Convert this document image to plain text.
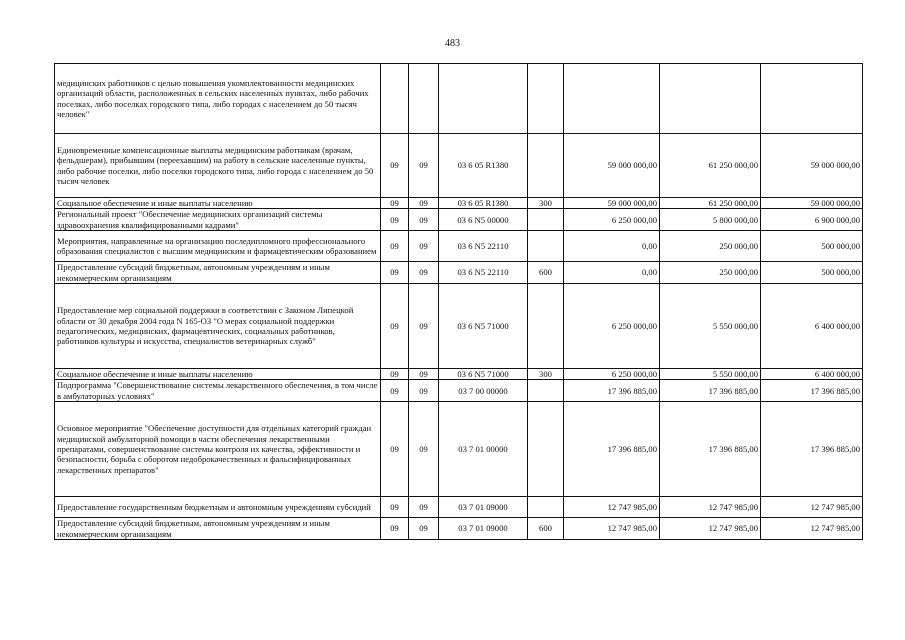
483
медицинских работников с целью повышения укомплектованности медицинских организаций области, расположенных в сельских населенных пунктах, либо рабочих поселках, либо поселках городского типа, либо городах с населением до 50 тысяч человек"							
Единовременные компенсационные выплаты медицинским работникам (врачам, фельдшерам), прибывшим (переехавшим) на работу в сельские населенные пункты, либо рабочие поселки, либо поселки городского типа, либо города с населением до 50 тысяч человек	09	09	03 6 05 R1380		59 000 000,00	61 250 000,00	59 000 000,00
Социальное обеспечение и иные выплаты населению	09	09	03 6 05 R1380	300	59 000 000,00	61 250 000,00	59 000 000,00
Региональный проект "Обеспечение медицинских организаций системы здравоохранения квалифицированными кадрами"	09	09	03 6 N5 00000		6 250 000,00	5 800 000,00	6 900 000,00
Мероприятия, направленные на организацию последипломного профессионального образования специалистов с высшим медицинским и фармацевтическим образованием	09	09	03 6 N5 22110		0,00	250 000,00	500 000,00
Предоставление субсидий бюджетным, автономным учреждениям и иным некоммерческим организациям	09	09	03 6 N5 22110	600	0,00	250 000,00	500 000,00
Предоставление мер социальной поддержки в соответствии с Законом Липецкой области от 30 декабря 2004 года N 165-ОЗ "О мерах социальной поддержки педагогических, медицинских, фармацевтических, социальных работников, работников культуры и искусства, специалистов ветеринарных служб"	09	09	03 6 N5 71000		6 250 000,00	5 550 000,00	6 400 000,00
Социальное обеспечение и иные выплаты населению	09	09	03 6 N5 71000	300	6 250 000,00	5 550 000,00	6 400 000,00
Подпрограмма "Совершенствование системы лекарственного обеспечения, в том числе в амбулаторных условиях"	09	09	03 7 00 00000		17 396 885,00	17 396 885,00	17 396 885,00
Основное мероприятие "Обеспечение доступности для отдельных категорий граждан медицинской амбулаторной помощи в части обеспечения лекарственными препаратами, совершенствование системы контроля их качества, эффективности и безопасности, борьба с оборотом недоброкачественных и фальсифицированных лекарственных препаратов"	09	09	03 7 01 00000		17 396 885,00	17 396 885,00	17 396 885,00
Предоставление государственным бюджетным и автономным учреждениям субсидий	09	09	03 7 01 09000		12 747 985,00	12 747 985,00	12 747 985,00
Предоставление субсидий бюджетным, автономным учреждениям и иным некоммерческим организациям	09	09	03 7 01 09000	600	12 747 985,00	12 747 985,00	12 747 985,00
